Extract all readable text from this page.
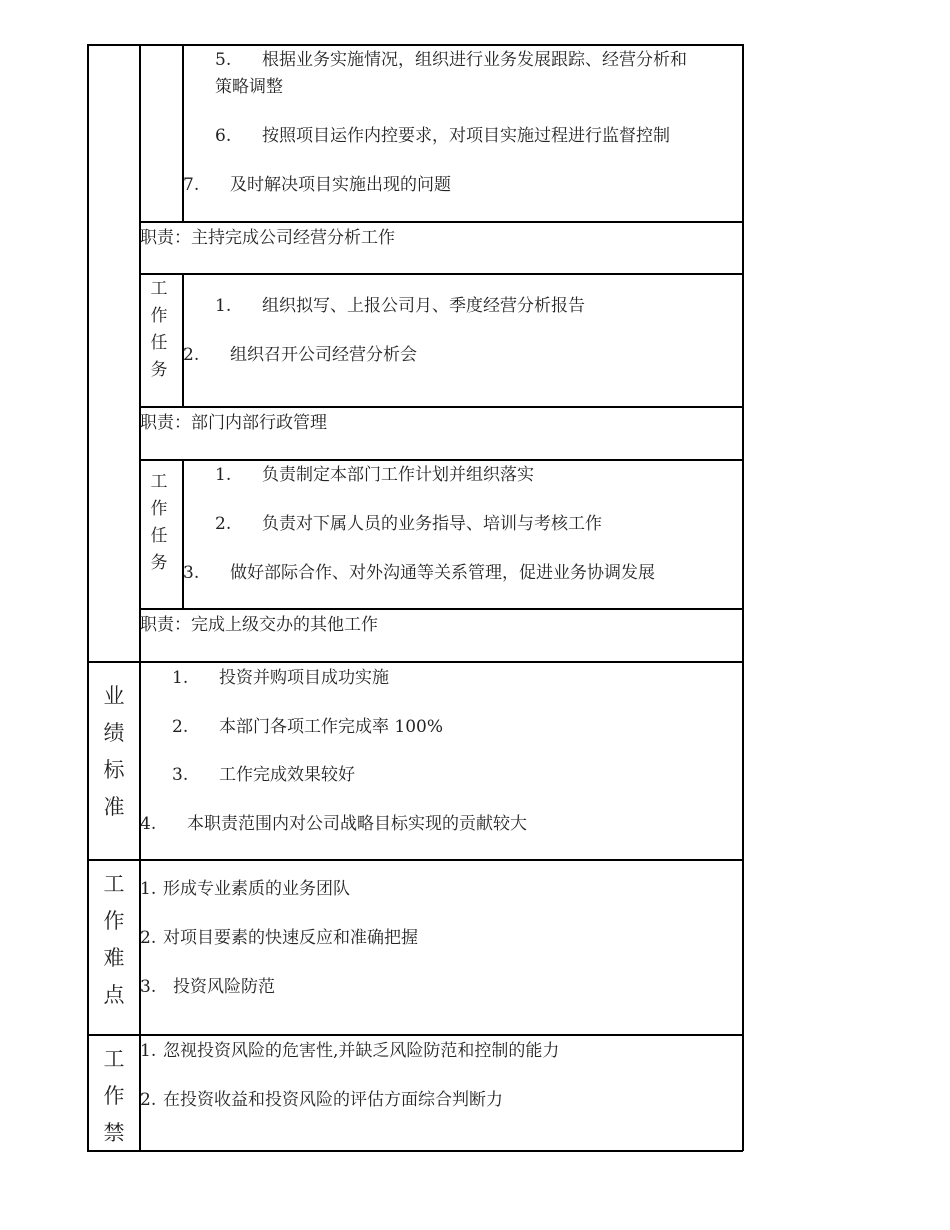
5. 根据业务实施情况，组织进行业务发展跟踪、经营分析和
策略调整
6. 按照项目运作内控要求，对项目实施过程进行监督控制
7. 及时解决项目实施出现的问题
职责：主持完成公司经营分析工作
工
作
任
务
1. 组织拟写、上报公司月、季度经营分析报告
2. 组织召开公司经营分析会
职责：部门内部行政管理
工
作
任
务
1. 负责制定本部门工作计划并组织落实
2. 负责对下属人员的业务指导、培训与考核工作
3. 做好部际合作、对外沟通等关系管理，促进业务协调发展
职责：完成上级交办的其他工作
业
绩
标
准
1. 投资并购项目成功实施
2. 本部门各项工作完成率 100%
3. 工作完成效果较好
4. 本职责范围内对公司战略目标实现的贡献较大
工
作
难
点
1. 形成专业素质的业务团队
2. 对项目要素的快速反应和准确把握
3. 投资风险防范
工
作
禁
1. 忽视投资风险的危害性,并缺乏风险防范和控制的能力
2. 在投资收益和投资风险的评估方面综合判断力
